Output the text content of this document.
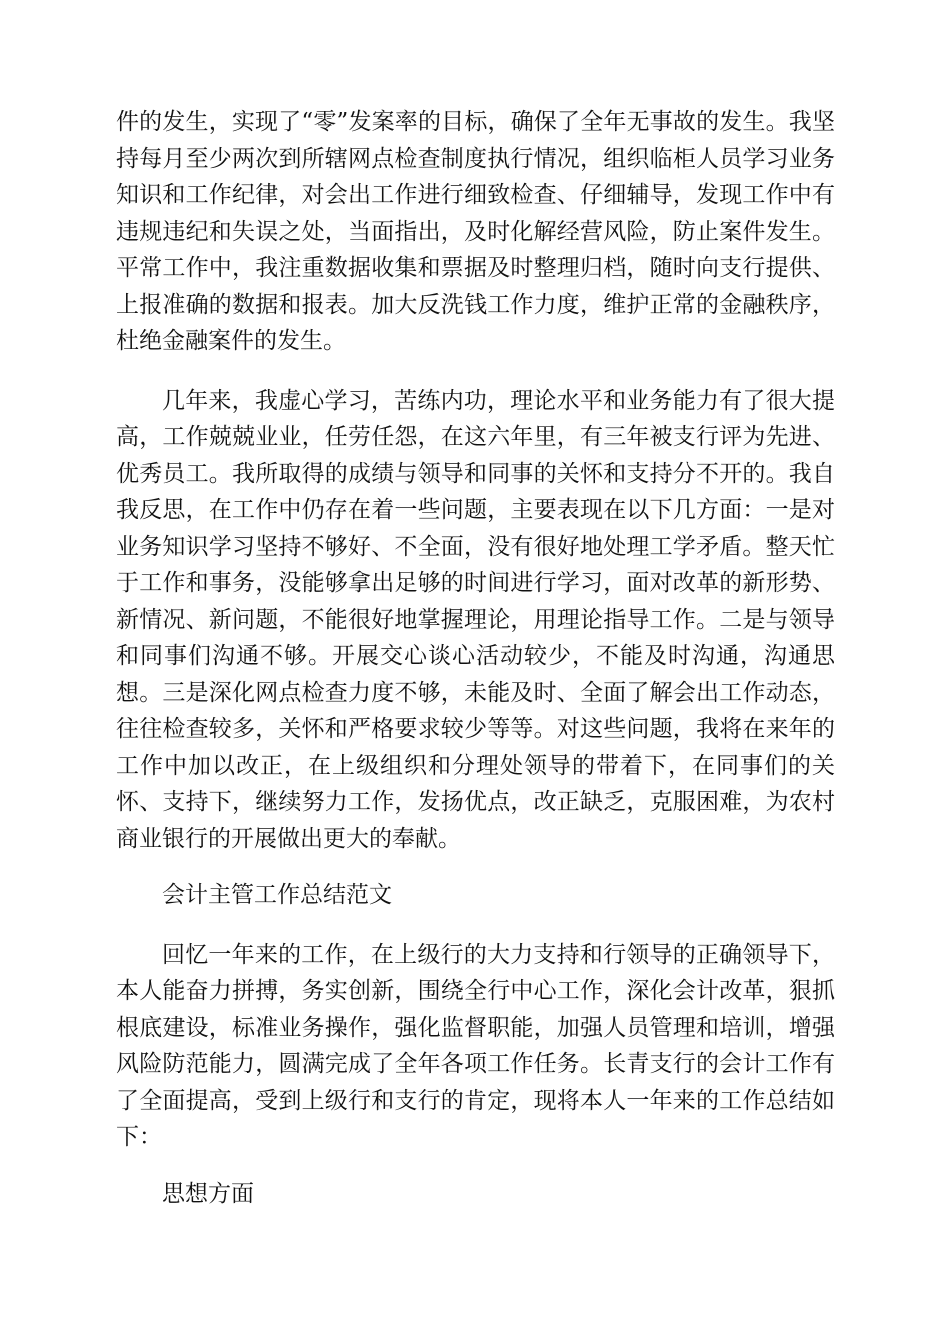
件的发生，实现了“零”发案率的目标，确保了全年无事故的发生。我坚持每月至少两次到所辖网点检查制度执行情况，组织临柜人员学习业务知识和工作纪律，对会出工作进行细致检查、仔细辅导，发现工作中有违规违纪和失误之处，当面指出，及时化解经营风险，防止案件发生。平常工作中，我注重数据收集和票据及时整理归档，随时向支行提供、上报准确的数据和报表。加大反洗钱工作力度，维护正常的金融秩序，杜绝金融案件的发生。

几年来，我虚心学习，苦练内功，理论水平和业务能力有了很大提高，工作兢兢业业，任劳任怨，在这六年里，有三年被支行评为先进、优秀员工。我所取得的成绩与领导和同事的关怀和支持分不开的。我自我反思，在工作中仍存在着一些问题，主要表现在以下几方面：一是对业务知识学习坚持不够好、不全面，没有很好地处理工学矛盾。整天忙于工作和事务，没能够拿出足够的时间进行学习，面对改革的新形势、新情况、新问题，不能很好地掌握理论，用理论指导工作。二是与领导和同事们沟通不够。开展交心谈心活动较少，不能及时沟通，沟通思想。三是深化网点检查力度不够，未能及时、全面了解会出工作动态，往往检查较多，关怀和严格要求较少等等。对这些问题，我将在来年的工作中加以改正，在上级组织和分理处领导的带着下，在同事们的关怀、支持下，继续努力工作，发扬优点，改正缺乏，克服困难，为农村商业银行的开展做出更大的奉献。

会计主管工作总结范文

回忆一年来的工作，在上级行的大力支持和行领导的正确领导下，本人能奋力拼搏，务实创新，围绕全行中心工作，深化会计改革，狠抓根底建设，标准业务操作，强化监督职能，加强人员管理和培训，增强风险防范能力，圆满完成了全年各项工作任务。长青支行的会计工作有了全面提高，受到上级行和支行的肯定，现将本人一年来的工作总结如下：

思想方面
